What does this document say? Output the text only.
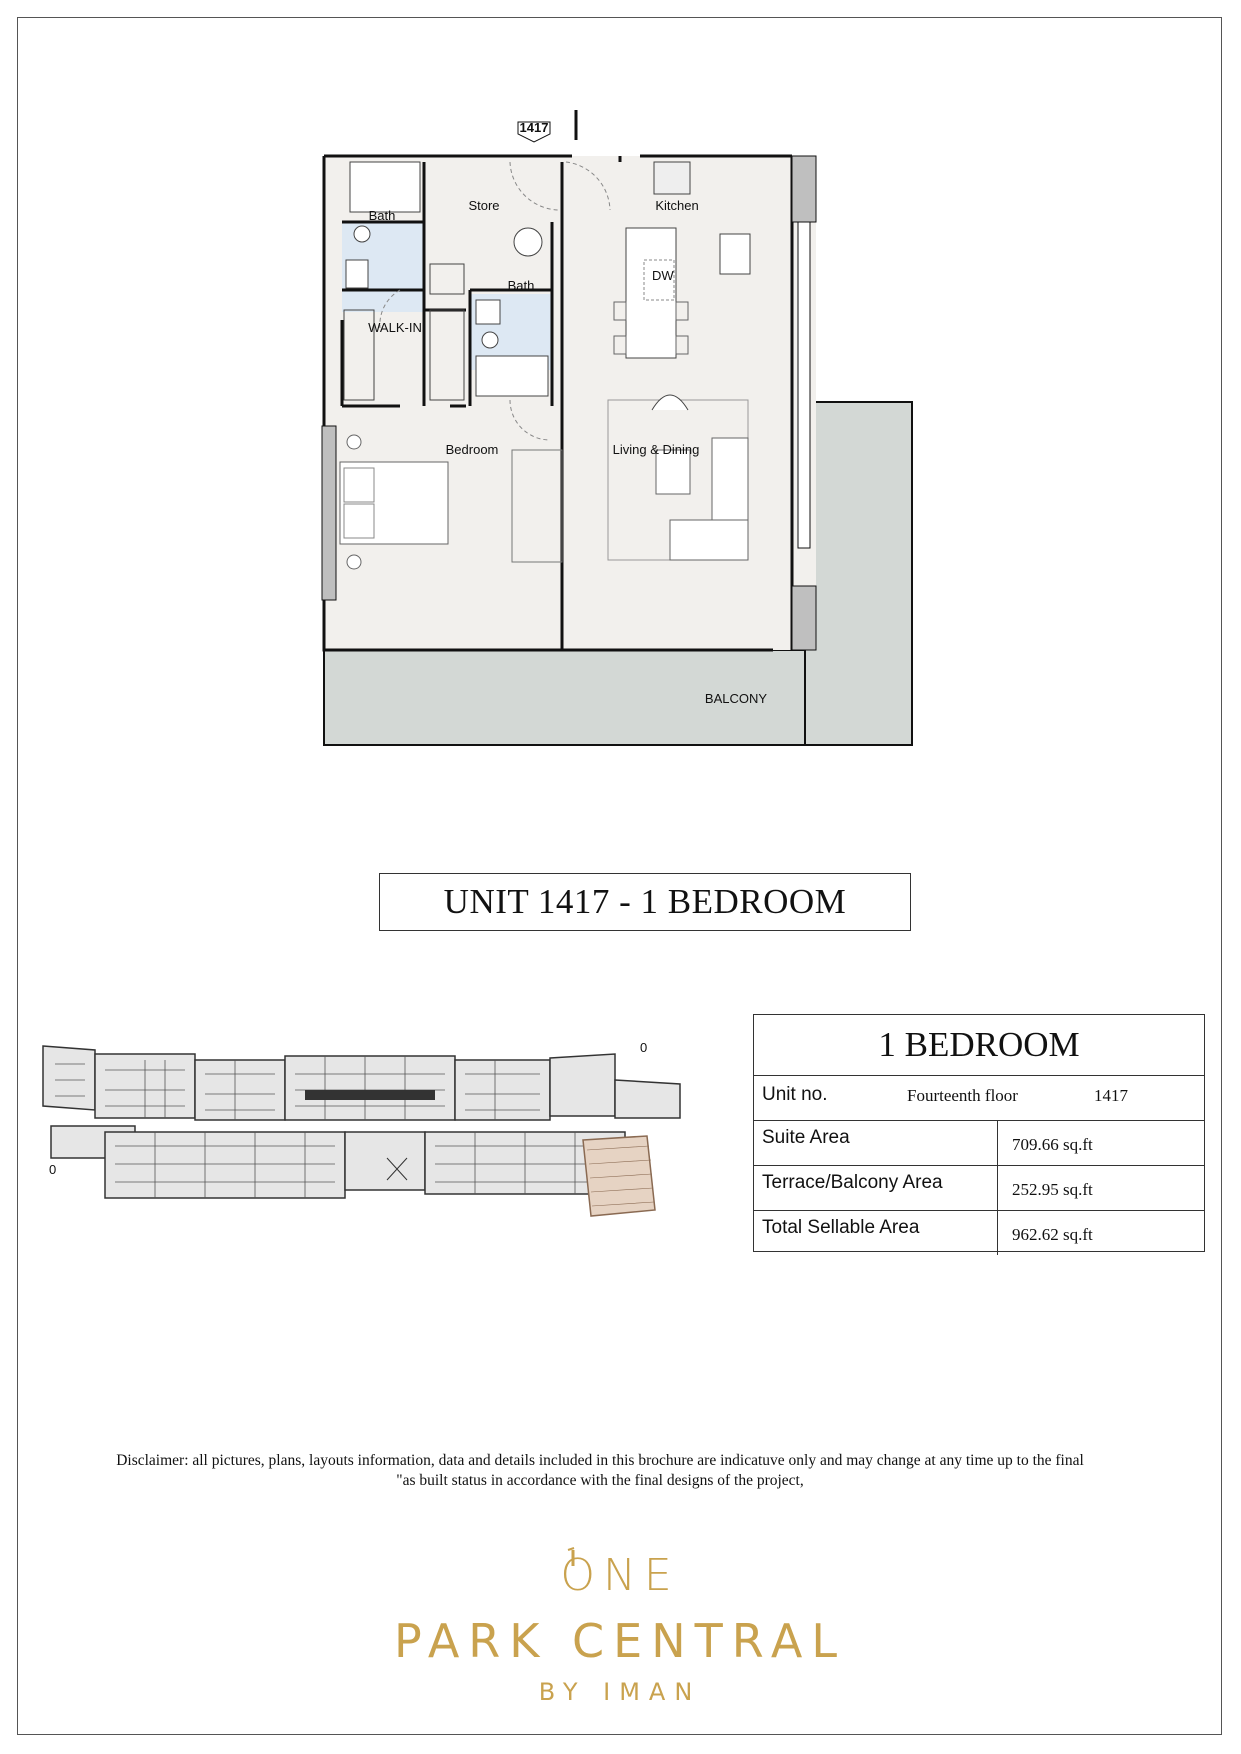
DW
1417
Bath
Store	Kitchen
Bath
WALK-IN
Bedroom	Living & Dining
BALCONY
UNIT 1417 - 1 BEDROOM
0
0
1 BEDROOM
Unit no.	Fourteenth floor	1417
Suite Area	709.66 sq.ft
Terrace/Balcony Area	252.95 sq.ft
Total Sellable Area	962.62 sq.ft
Disclaimer: all pictures, plans, layouts information, data and details included in this brochure are indicatuve only and may change at any time up to the final
"as built status in accordance with the final designs of the project,
ONE
PARK CENTRAL
BY IMAN
